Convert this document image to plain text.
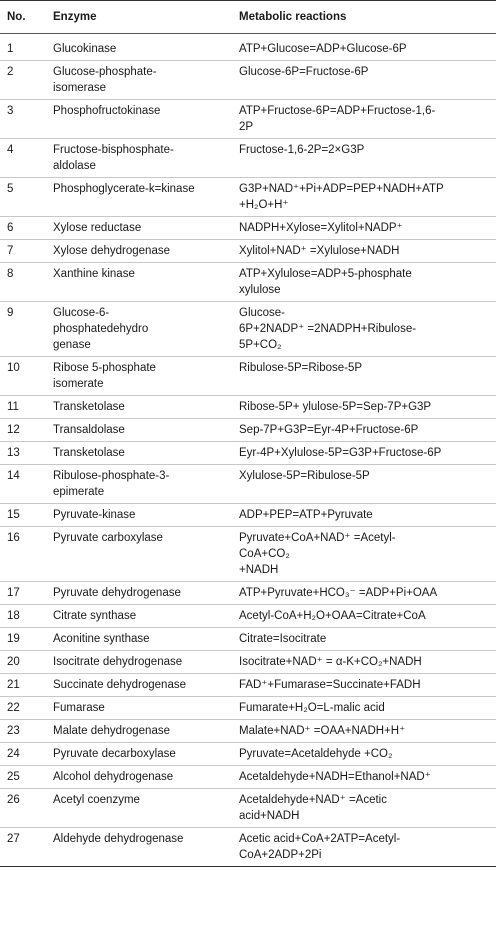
No.	Enzyme	Metabolic reactions
1	Glucokinase	ATP+Glucose=ADP+Glucose-6P

2	Glucose-phosphate-
isomerase	Glucose-6P=Fructose-6P

3	Phosphofructokinase	ATP+Fructose-6P=ADP+Fructose-1,6-
2P

4	Fructose-bisphosphate-
aldolase	Fructose-1,6-2P=2×G3P

5	Phosphoglycerate-k=kinase	G3P+NAD⁺+Pi+ADP=PEP+NADH+ATP
+H₂O+H⁺

6	Xylose reductase	NADPH+Xylose=Xylitol+NADP⁺

7	Xylose dehydrogenase	Xylitol+NAD⁺ =Xylulose+NADH

8	Xanthine kinase	ATP+Xylulose=ADP+5-phosphate
xylulose

9	Glucose-6-
phosphatedehydro
genase	Glucose-
6P+2NADP⁺ =2NADPH+Ribulose-
5P+CO₂

10	Ribose 5-phosphate
isomerate	Ribulose-5P=Ribose-5P

11	Transketolase	Ribose-5P+ ylulose-5P=Sep-7P+G3P

12	Transaldolase	Sep-7P+G3P=Eyr-4P+Fructose-6P

13	Transketolase	Eyr-4P+Xylulose-5P=G3P+Fructose-6P

14	Ribulose-phosphate-3-
epimerate	Xylulose-5P=Ribulose-5P

15	Pyruvate-kinase	ADP+PEP=ATP+Pyruvate

16	Pyruvate carboxylase	Pyruvate+CoA+NAD⁺ =Acetyl-
CoA+CO₂
+NADH

17	Pyruvate dehydrogenase	ATP+Pyruvate+HCO₃⁻ =ADP+Pi+OAA

18	Citrate synthase	Acetyl-CoA+H₂O+OAA=Citrate+CoA

19	Aconitine synthase	Citrate=Isocitrate

20	Isocitrate dehydrogenase	Isocitrate+NAD⁺ = α-K+CO₂+NADH

21	Succinate dehydrogenase	FAD⁺+Fumarase=Succinate+FADH

22	Fumarase	Fumarate+H₂O=L-malic acid

23	Malate dehydrogenase	Malate+NAD⁺ =OAA+NADH+H⁺

24	Pyruvate decarboxylase	Pyruvate=Acetaldehyde +CO₂

25	Alcohol dehydrogenase	Acetaldehyde+NADH=Ethanol+NAD⁺

26	Acetyl coenzyme	Acetaldehyde+NAD⁺ =Acetic
acid+NADH

27	Aldehyde dehydrogenase	Acetic acid+CoA+2ATP=Acetyl-
CoA+2ADP+2Pi
